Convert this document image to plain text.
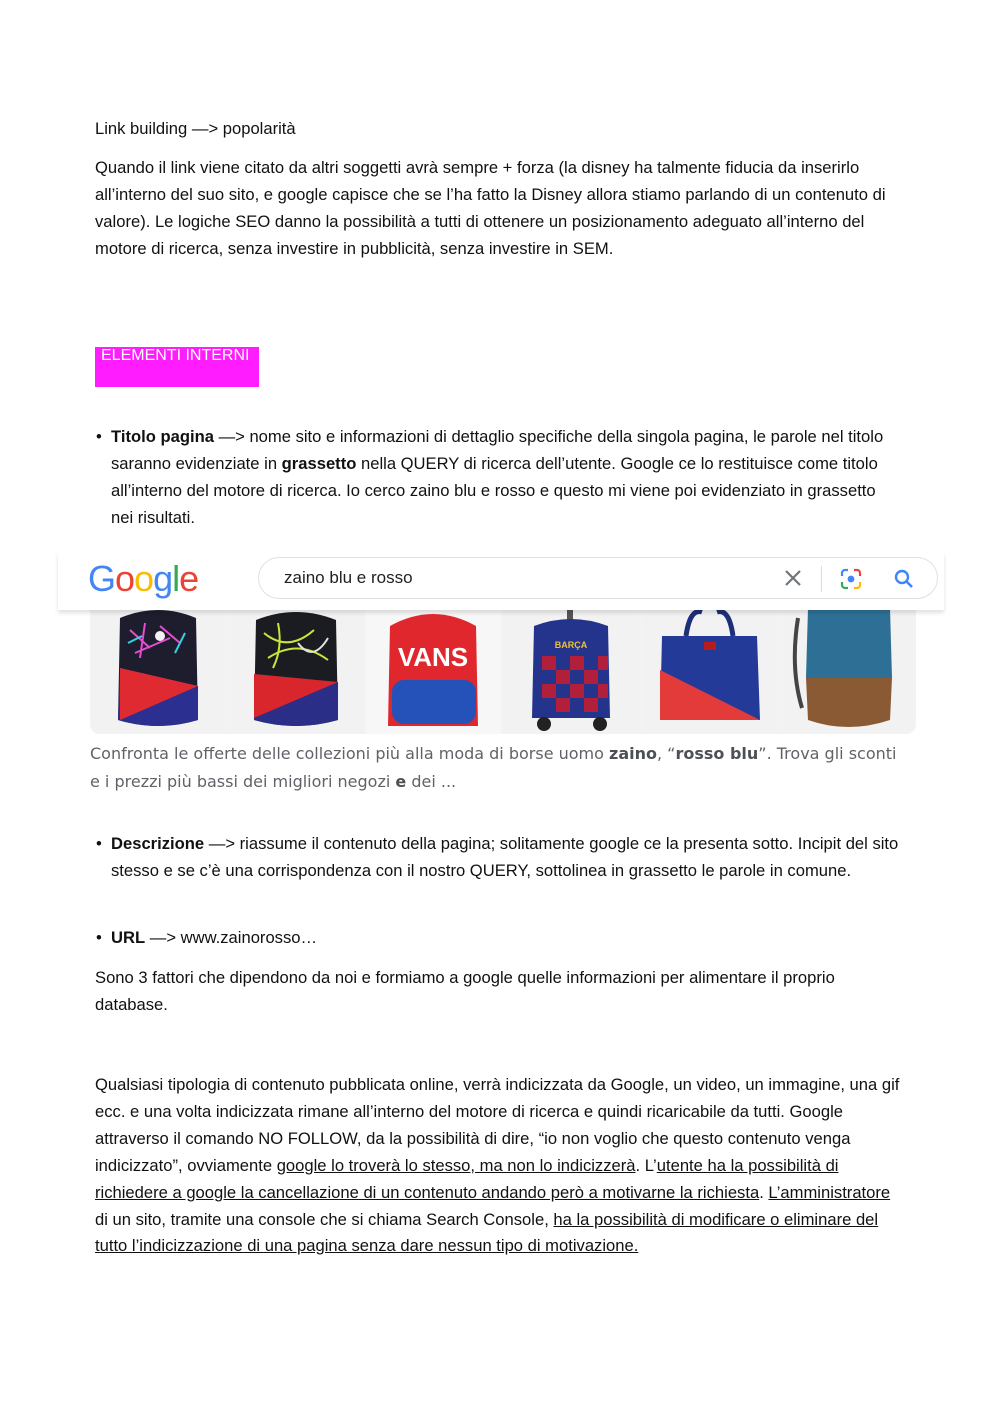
Link building —> popolarità
Quando il link viene citato da altri soggetti avrà sempre + forza (la disney ha talmente fiducia da inserirlo all’interno del suo sito, e google capisce che se l’ha fatto la Disney allora stiamo parlando di un contenuto di valore). Le logiche SEO danno la possibilità a tutti di ottenere un posizionamento adeguato all’interno del motore di ricerca, senza investire in pubblicità, senza investire in SEM.
ELEMENTI INTERNI
• Titolo pagina —> nome sito e informazioni di dettaglio specifiche della singola pagina, le parole nel titolo saranno evidenziate in grassetto nella QUERY di ricerca dell’utente. Google ce lo restituisce come titolo all’interno del motore di ricerca. Io cerco zaino blu e rosso e questo mi viene poi evidenziato in grassetto nei risultati.
Google	zaino blu e rosso
VANS	BARÇA
Confronta le offerte delle collezioni più alla moda di borse uomo zaino, “rosso blu”. Trova gli sconti e i prezzi più bassi dei migliori negozi e dei ...
• Descrizione —> riassume il contenuto della pagina; solitamente google ce la presenta sotto. Incipit del sito stesso e se c’è una corrispondenza con il nostro QUERY, sottolinea in grassetto le parole in comune.
• URL —> www.zainorosso…
Sono 3 fattori che dipendono da noi e formiamo a google quelle informazioni per alimentare il proprio database.
Qualsiasi tipologia di contenuto pubblicata online, verrà indicizzata da Google, un video, un immagine, una gif ecc. e una volta indicizzata rimane all’interno del motore di ricerca e quindi ricaricabile da tutti. Google attraverso il comando NO FOLLOW, da la possibilità di dire, “io non voglio che questo contenuto venga indicizzato”, ovviamente google lo troverà lo stesso, ma non lo indicizzerà. L’utente ha la possibilità di richiedere a google la cancellazione di un contenuto andando però a motivarne la richiesta. L’amministratore di un sito, tramite una console che si chiama Search Console, ha la possibilità di modificare o eliminare del tutto l’indicizzazione di una pagina senza dare nessun tipo di motivazione.
